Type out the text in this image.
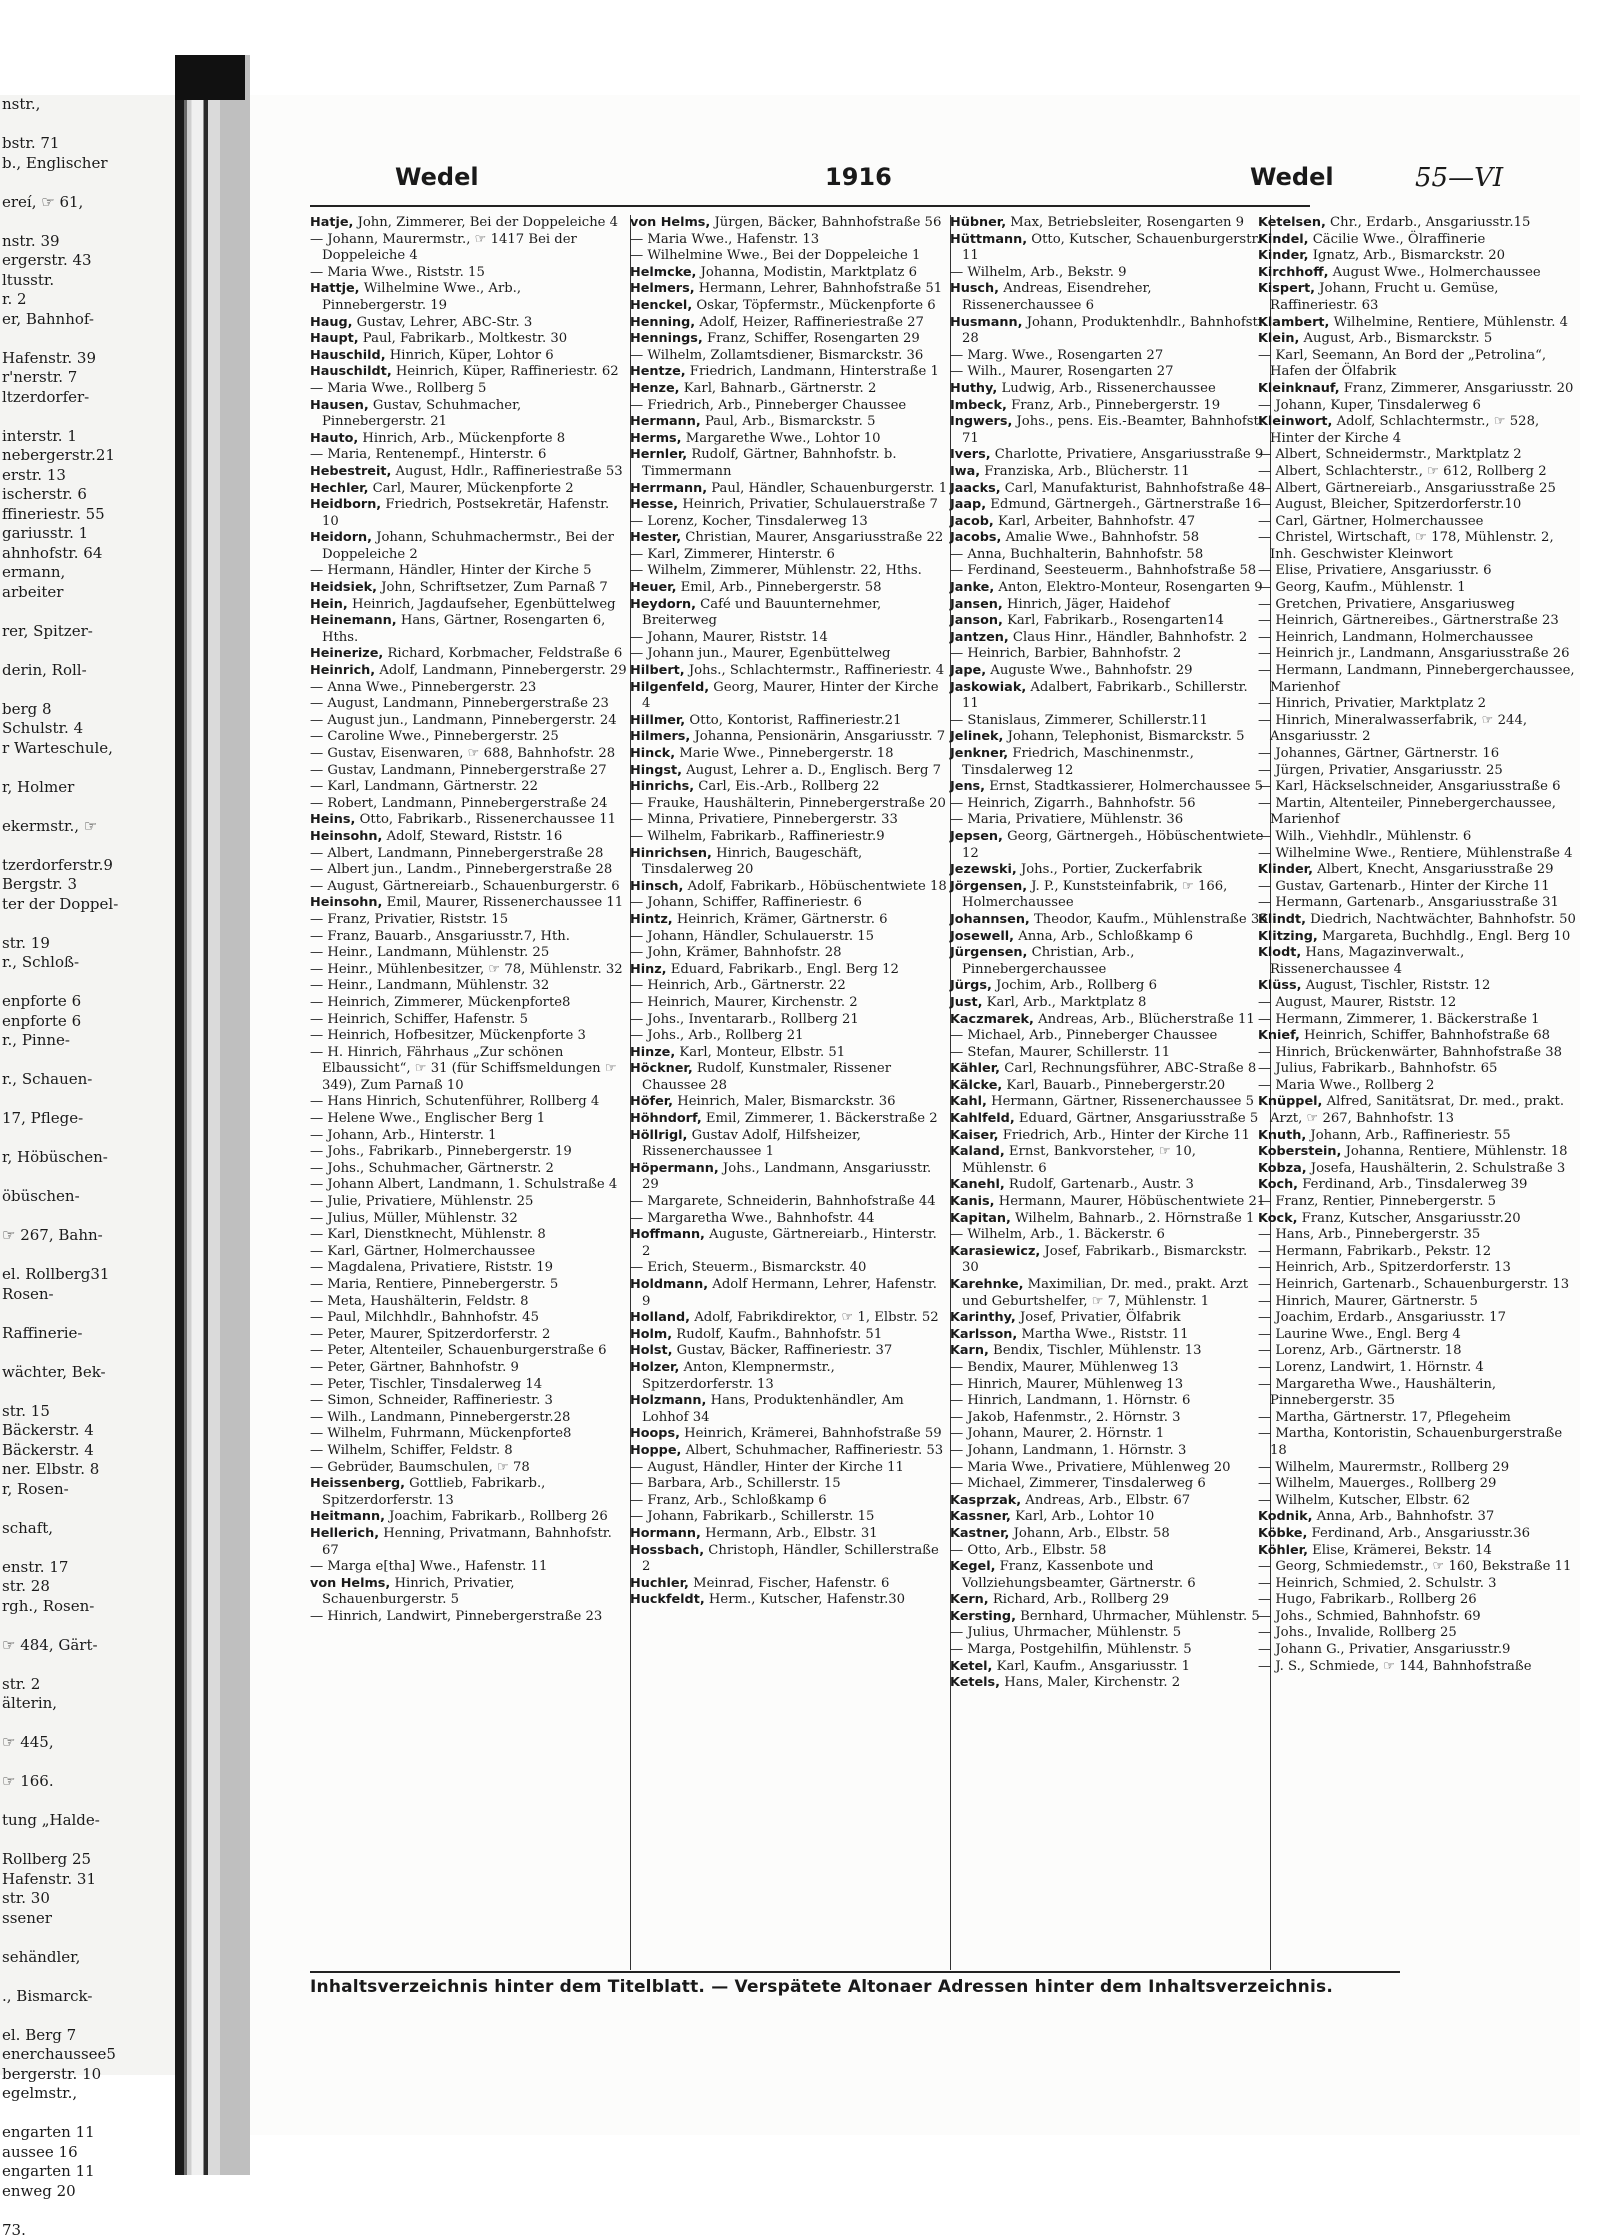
nstr.,

bstr. 71
b., Englischer

ereí, ☞ 61,

nstr. 39
ergerstr. 43
ltusstr.
r. 2
er, Bahnhof-

Hafenstr. 39
r'nerstr. 7
ltzerdorfer-

interstr. 1
nebergerstr.21
erstr. 13
ischerstr. 6
ffineriestr. 55
gariusstr. 1
ahnhofstr. 64
ermann,
arbeiter

rer, Spitzer-

derin, Roll-

berg 8
Schulstr. 4
r Warteschule,

r, Holmer

ekermstr., ☞

tzerdorferstr.9
Bergstr. 3
ter der Doppel-

str. 19
r., Schloß-

enpforte 6
enpforte 6
r., Pinne-

r., Schauen-

17, Pflege-

r, Höbüschen-

öbüschen-

☞ 267, Bahn-

el. Rollberg31
Rosen-

Raffinerie-

wächter, Bek-

str. 15
Bäckerstr. 4
Bäckerstr. 4
ner. Elbstr. 8
r, Rosen-

schaft,

enstr. 17
str. 28
rgh., Rosen-

☞ 484, Gärt-

str. 2
älterin,

☞ 445,

☞ 166.

tung „Halde-

Rollberg 25
Hafenstr. 31
str. 30
ssener

sehändler,

., Bismarck-

el. Berg 7
enerchaussee5
bergerstr. 10
egelmstr.,

engarten 11
aussee 16
engarten 11
enweg 20

73.
Wedel	1916	Wedel	55—VI
Hatje, John, Zimmerer, Bei der Doppeleiche 4
— Johann, Maurermstr., ☞ 1417 Bei der Doppeleiche 4
— Maria Wwe., Riststr. 15
Hattje, Wilhelmine Wwe., Arb., Pinnebergerstr. 19
Haug, Gustav, Lehrer, ABC-Str. 3
Haupt, Paul, Fabrikarb., Moltkestr. 30
Hauschild, Hinrich, Küper, Lohtor 6
Hauschildt, Heinrich, Küper, Raffineriestr. 62
— Maria Wwe., Rollberg 5
Hausen, Gustav, Schuhmacher, Pinnebergerstr. 21
Hauto, Hinrich, Arb., Mückenpforte 8
— Maria, Rentenempf., Hinterstr. 6
Hebestreit, August, Hdlr., Raffineriestraße 53
Hechler, Carl, Maurer, Mückenpforte 2
Heidborn, Friedrich, Postsekretär, Hafenstr. 10
Heidorn, Johann, Schuhmachermstr., Bei der Doppeleiche 2
— Hermann, Händler, Hinter der Kirche 5
Heidsiek, John, Schriftsetzer, Zum Parnaß 7
Hein, Heinrich, Jagdaufseher, Egenbüttelweg
Heinemann, Hans, Gärtner, Rosengarten 6, Hths.
Heinerize, Richard, Korbmacher, Feldstraße 6
Heinrich, Adolf, Landmann, Pinnebergerstr. 29
— Anna Wwe., Pinnebergerstr. 23
— August, Landmann, Pinnebergerstraße 23
— August jun., Landmann, Pinnebergerstr. 24
— Caroline Wwe., Pinnebergerstr. 25
— Gustav, Eisenwaren, ☞ 688, Bahnhofstr. 28
— Gustav, Landmann, Pinnebergerstraße 27
— Karl, Landmann, Gärtnerstr. 22
— Robert, Landmann, Pinnebergerstraße 24
Heins, Otto, Fabrikarb., Rissenerchaussee 11
Heinsohn, Adolf, Steward, Riststr. 16
— Albert, Landmann, Pinnebergerstraße 28
— Albert jun., Landm., Pinnebergerstraße 28
— August, Gärtnereiarb., Schauenburgerstr. 6
Heinsohn, Emil, Maurer, Rissenerchaussee 11
— Franz, Privatier, Riststr. 15
— Franz, Bauarb., Ansgariusstr.7, Hth.
— Heinr., Landmann, Mühlenstr. 25
— Heinr., Mühlenbesitzer, ☞ 78, Mühlenstr. 32
— Heinr., Landmann, Mühlenstr. 32
— Heinrich, Zimmerer, Mückenpforte8
— Heinrich, Schiffer, Hafenstr. 5
— Heinrich, Hofbesitzer, Mückenpforte 3
— H. Hinrich, Fährhaus „Zur schönen Elbaussicht“, ☞ 31 (für Schiffsmeldungen ☞ 349), Zum Parnaß 10
— Hans Hinrich, Schutenführer, Rollberg 4
— Helene Wwe., Englischer Berg 1
— Johann, Arb., Hinterstr. 1
— Johs., Fabrikarb., Pinnebergerstr. 19
— Johs., Schuhmacher, Gärtnerstr. 2
— Johann Albert, Landmann, 1. Schulstraße 4
— Julie, Privatiere, Mühlenstr. 25
— Julius, Müller, Mühlenstr. 32
— Karl, Dienstknecht, Mühlenstr. 8
— Karl, Gärtner, Holmerchaussee
— Magdalena, Privatiere, Riststr. 19
— Maria, Rentiere, Pinnebergerstr. 5
— Meta, Haushälterin, Feldstr. 8
— Paul, Milchhdlr., Bahnhofstr. 45
— Peter, Maurer, Spitzerdorferstr. 2
— Peter, Altenteiler, Schauenburgerstraße 6
— Peter, Gärtner, Bahnhofstr. 9
— Peter, Tischler, Tinsdalerweg 14
— Simon, Schneider, Raffineriestr. 3
— Wilh., Landmann, Pinnebergerstr.28
— Wilhelm, Fuhrmann, Mückenpforte8
— Wilhelm, Schiffer, Feldstr. 8
— Gebrüder, Baumschulen, ☞ 78
Heissenberg, Gottlieb, Fabrikarb., Spitzerdorferstr. 13
Heitmann, Joachim, Fabrikarb., Rollberg 26
Hellerich, Henning, Privatmann, Bahnhofstr. 67
— Marga e[tha] Wwe., Hafenstr. 11
von Helms, Hinrich, Privatier, Schauenburgerstr. 5
— Hinrich, Landwirt, Pinnebergerstraße 23
von Helms, Jürgen, Bäcker, Bahnhofstraße 56
— Maria Wwe., Hafenstr. 13
— Wilhelmine Wwe., Bei der Doppeleiche 1
Helmcke, Johanna, Modistin, Marktplatz 6
Helmers, Hermann, Lehrer, Bahnhofstraße 51
Henckel, Oskar, Töpfermstr., Mückenpforte 6
Henning, Adolf, Heizer, Raffineriestraße 27
Hennings, Franz, Schiffer, Rosengarten 29
— Wilhelm, Zollamtsdiener, Bismarckstr. 36
Hentze, Friedrich, Landmann, Hinterstraße 1
Henze, Karl, Bahnarb., Gärtnerstr. 2
— Friedrich, Arb., Pinneberger Chaussee
Hermann, Paul, Arb., Bismarckstr. 5
Herms, Margarethe Wwe., Lohtor 10
Hernler, Rudolf, Gärtner, Bahnhofstr. b. Timmermann
Herrmann, Paul, Händler, Schauenburgerstr. 1
Hesse, Heinrich, Privatier, Schulauerstraße 7
— Lorenz, Kocher, Tinsdalerweg 13
Hester, Christian, Maurer, Ansgariusstraße 22
— Karl, Zimmerer, Hinterstr. 6
— Wilhelm, Zimmerer, Mühlenstr. 22, Hths.
Heuer, Emil, Arb., Pinnebergerstr. 58
Heydorn, Café und Bauunternehmer, Breiterweg
— Johann, Maurer, Riststr. 14
— Johann jun., Maurer, Egenbüttelweg
Hilbert, Johs., Schlachtermstr., Raffineriestr. 4
Hilgenfeld, Georg, Maurer, Hinter der Kirche 4
Hillmer, Otto, Kontorist, Raffineriestr.21
Hilmers, Johanna, Pensionärin, Ansgariusstr. 7
Hinck, Marie Wwe., Pinnebergerstr. 18
Hingst, August, Lehrer a. D., Englisch. Berg 7
Hinrichs, Carl, Eis.-Arb., Rollberg 22
— Frauke, Haushälterin, Pinnebergerstraße 20
— Minna, Privatiere, Pinnebergerstr. 33
— Wilhelm, Fabrikarb., Raffineriestr.9
Hinrichsen, Hinrich, Baugeschäft, Tinsdalerweg 20
Hinsch, Adolf, Fabrikarb., Höbüschentwiete 18
— Johann, Schiffer, Raffineriestr. 6
Hintz, Heinrich, Krämer, Gärtnerstr. 6
— Johann, Händler, Schulauerstr. 15
— John, Krämer, Bahnhofstr. 28
Hinz, Eduard, Fabrikarb., Engl. Berg 12
— Heinrich, Arb., Gärtnerstr. 22
— Heinrich, Maurer, Kirchenstr. 2
— Johs., Inventararb., Rollberg 21
— Johs., Arb., Rollberg 21
Hinze, Karl, Monteur, Elbstr. 51
Höckner, Rudolf, Kunstmaler, Rissener Chaussee 28
Höfer, Heinrich, Maler, Bismarckstr. 36
Höhndorf, Emil, Zimmerer, 1. Bäckerstraße 2
Höllrigl, Gustav Adolf, Hilfsheizer, Rissenerchaussee 1
Höpermann, Johs., Landmann, Ansgariusstr. 29
— Margarete, Schneiderin, Bahnhofstraße 44
— Margaretha Wwe., Bahnhofstr. 44
Hoffmann, Auguste, Gärtnereiarb., Hinterstr. 2
— Erich, Steuerm., Bismarckstr. 40
Holdmann, Adolf Hermann, Lehrer, Hafenstr. 9
Holland, Adolf, Fabrikdirektor, ☞ 1, Elbstr. 52
Holm, Rudolf, Kaufm., Bahnhofstr. 51
Holst, Gustav, Bäcker, Raffineriestr. 37
Holzer, Anton, Klempnermstr., Spitzerdorferstr. 13
Holzmann, Hans, Produktenhändler, Am Lohhof 34
Hoops, Heinrich, Krämerei, Bahnhofstraße 59
Hoppe, Albert, Schuhmacher, Raffineriestr. 53
— August, Händler, Hinter der Kirche 11
— Barbara, Arb., Schillerstr. 15
— Franz, Arb., Schloßkamp 6
— Johann, Fabrikarb., Schillerstr. 15
Hormann, Hermann, Arb., Elbstr. 31
Hossbach, Christoph, Händler, Schillerstraße 2
Huchler, Meinrad, Fischer, Hafenstr. 6
Huckfeldt, Herm., Kutscher, Hafenstr.30
Hübner, Max, Betriebsleiter, Rosengarten 9
Hüttmann, Otto, Kutscher, Schauenburgerstr. 11
— Wilhelm, Arb., Bekstr. 9
Husch, Andreas, Eisendreher, Rissenerchaussee 6
Husmann, Johann, Produktenhdlr., Bahnhofstr. 28
— Marg. Wwe., Rosengarten 27
— Wilh., Maurer, Rosengarten 27
Huthy, Ludwig, Arb., Rissenerchaussee
Imbeck, Franz, Arb., Pinnebergerstr. 19
Ingwers, Johs., pens. Eis.-Beamter, Bahnhofstr. 71
Ivers, Charlotte, Privatiere, Ansgariusstraße 9
Iwa, Franziska, Arb., Blücherstr. 11
Jaacks, Carl, Manufakturist, Bahnhofstraße 48
Jaap, Edmund, Gärtnergeh., Gärtnerstraße 16
Jacob, Karl, Arbeiter, Bahnhofstr. 47
Jacobs, Amalie Wwe., Bahnhofstr. 58
— Anna, Buchhalterin, Bahnhofstr. 58
— Ferdinand, Seesteuerm., Bahnhofstraße 58
Janke, Anton, Elektro-Monteur, Rosengarten 9
Jansen, Hinrich, Jäger, Haidehof
Janson, Karl, Fabrikarb., Rosengarten14
Jantzen, Claus Hinr., Händler, Bahnhofstr. 2
— Heinrich, Barbier, Bahnhofstr. 2
Jape, Auguste Wwe., Bahnhofstr. 29
Jaskowiak, Adalbert, Fabrikarb., Schillerstr. 11
— Stanislaus, Zimmerer, Schillerstr.11
Jelinek, Johann, Telephonist, Bismarckstr. 5
Jenkner, Friedrich, Maschinenmstr., Tinsdalerweg 12
Jens, Ernst, Stadtkassierer, Holmerchaussee 5
— Heinrich, Zigarrh., Bahnhofstr. 56
— Maria, Privatiere, Mühlenstr. 36
Jepsen, Georg, Gärtnergeh., Höbüschentwiete 12
Jezewski, Johs., Portier, Zuckerfabrik
Jörgensen, J. P., Kunststeinfabrik, ☞ 166, Holmerchaussee
Johannsen, Theodor, Kaufm., Mühlenstraße 35
Josewell, Anna, Arb., Schloßkamp 6
Jürgensen, Christian, Arb., Pinnebergerchaussee
Jürgs, Jochim, Arb., Rollberg 6
Just, Karl, Arb., Marktplatz 8
Kaczmarek, Andreas, Arb., Blücherstraße 11
— Michael, Arb., Pinneberger Chaussee
— Stefan, Maurer, Schillerstr. 11
Kähler, Carl, Rechnungsführer, ABC-Straße 8
Kälcke, Karl, Bauarb., Pinnebergerstr.20
Kahl, Hermann, Gärtner, Rissenerchaussee 5
Kahlfeld, Eduard, Gärtner, Ansgariusstraße 5
Kaiser, Friedrich, Arb., Hinter der Kirche 11
Kaland, Ernst, Bankvorsteher, ☞ 10, Mühlenstr. 6
Kanehl, Rudolf, Gartenarb., Austr. 3
Kanis, Hermann, Maurer, Höbüschentwiete 21
Kapitan, Wilhelm, Bahnarb., 2. Hörnstraße 1
— Wilhelm, Arb., 1. Bäckerstr. 6
Karasiewicz, Josef, Fabrikarb., Bismarckstr. 30
Karehnke, Maximilian, Dr. med., prakt. Arzt und Geburtshelfer, ☞ 7, Mühlenstr. 1
Karinthy, Josef, Privatier, Ölfabrik
Karlsson, Martha Wwe., Riststr. 11
Karn, Bendix, Tischler, Mühlenstr. 13
— Bendix, Maurer, Mühlenweg 13
— Hinrich, Maurer, Mühlenweg 13
— Hinrich, Landmann, 1. Hörnstr. 6
— Jakob, Hafenmstr., 2. Hörnstr. 3
— Johann, Maurer, 2. Hörnstr. 1
— Johann, Landmann, 1. Hörnstr. 3
— Maria Wwe., Privatiere, Mühlenweg 20
— Michael, Zimmerer, Tinsdalerweg 6
Kasprzak, Andreas, Arb., Elbstr. 67
Kassner, Karl, Arb., Lohtor 10
Kastner, Johann, Arb., Elbstr. 58
— Otto, Arb., Elbstr. 58
Kegel, Franz, Kassenbote und Vollziehungsbeamter, Gärtnerstr. 6
Kern, Richard, Arb., Rollberg 29
Kersting, Bernhard, Uhrmacher, Mühlenstr. 5
— Julius, Uhrmacher, Mühlenstr. 5
— Marga, Postgehilfin, Mühlenstr. 5
Ketel, Karl, Kaufm., Ansgariusstr. 1
Ketels, Hans, Maler, Kirchenstr. 2
Ketelsen, Chr., Erdarb., Ansgariusstr.15
Kindel, Cäcilie Wwe., Ölraffinerie
Kinder, Ignatz, Arb., Bismarckstr. 20
Kirchhoff, August Wwe., Holmerchaussee
Kispert, Johann, Frucht u. Gemüse, Raffineriestr. 63
Klambert, Wilhelmine, Rentiere, Mühlenstr. 4
Klein, August, Arb., Bismarckstr. 5
— Karl, Seemann, An Bord der „Petrolina“, Hafen der Ölfabrik
Kleinknauf, Franz, Zimmerer, Ansgariusstr. 20
— Johann, Kuper, Tinsdalerweg 6
Kleinwort, Adolf, Schlachtermstr., ☞ 528, Hinter der Kirche 4
— Albert, Schneidermstr., Marktplatz 2
— Albert, Schlachterstr., ☞ 612, Rollberg 2
— Albert, Gärtnereiarb., Ansgariusstraße 25
— August, Bleicher, Spitzerdorferstr.10
— Carl, Gärtner, Holmerchaussee
— Christel, Wirtschaft, ☞ 178, Mühlenstr. 2, Inh. Geschwister Kleinwort
— Elise, Privatiere, Ansgariusstr. 6
— Georg, Kaufm., Mühlenstr. 1
— Gretchen, Privatiere, Ansgariusweg
— Heinrich, Gärtnereibes., Gärtnerstraße 23
— Heinrich, Landmann, Holmerchaussee
— Heinrich jr., Landmann, Ansgariusstraße 26
— Hermann, Landmann, Pinnebergerchaussee, Marienhof
— Hinrich, Privatier, Marktplatz 2
— Hinrich, Mineralwasserfabrik, ☞ 244, Ansgariusstr. 2
— Johannes, Gärtner, Gärtnerstr. 16
— Jürgen, Privatier, Ansgariusstr. 25
— Karl, Häckselschneider, Ansgariusstraße 6
— Martin, Altenteiler, Pinnebergerchaussee, Marienhof
— Wilh., Viehhdlr., Mühlenstr. 6
— Wilhelmine Wwe., Rentiere, Mühlenstraße 4
Klinder, Albert, Knecht, Ansgariusstraße 29
— Gustav, Gartenarb., Hinter der Kirche 11
— Hermann, Gartenarb., Ansgariusstraße 31
Klindt, Diedrich, Nachtwächter, Bahnhofstr. 50
Klitzing, Margareta, Buchhdlg., Engl. Berg 10
Klodt, Hans, Magazinverwalt., Rissenerchaussee 4
Klüss, August, Tischler, Riststr. 12
— August, Maurer, Riststr. 12
— Hermann, Zimmerer, 1. Bäckerstraße 1
Knief, Heinrich, Schiffer, Bahnhofstraße 68
— Hinrich, Brückenwärter, Bahnhofstraße 38
— Julius, Fabrikarb., Bahnhofstr. 65
— Maria Wwe., Rollberg 2
Knüppel, Alfred, Sanitätsrat, Dr. med., prakt. Arzt, ☞ 267, Bahnhofstr. 13
Knuth, Johann, Arb., Raffineriestr. 55
Koberstein, Johanna, Rentiere, Mühlenstr. 18
Kobza, Josefa, Haushälterin, 2. Schulstraße 3
Koch, Ferdinand, Arb., Tinsdalerweg 39
— Franz, Rentier, Pinnebergerstr. 5
Kock, Franz, Kutscher, Ansgariusstr.20
— Hans, Arb., Pinnebergerstr. 35
— Hermann, Fabrikarb., Pekstr. 12
— Heinrich, Arb., Spitzerdorferstr. 13
— Heinrich, Gartenarb., Schauenburgerstr. 13
— Hinrich, Maurer, Gärtnerstr. 5
— Joachim, Erdarb., Ansgariusstr. 17
— Laurine Wwe., Engl. Berg 4
— Lorenz, Arb., Gärtnerstr. 18
— Lorenz, Landwirt, 1. Hörnstr. 4
— Margaretha Wwe., Haushälterin, Pinnebergerstr. 35
— Martha, Gärtnerstr. 17, Pflegeheim
— Martha, Kontoristin, Schauenburgerstraße 18
— Wilhelm, Maurermstr., Rollberg 29
— Wilhelm, Mauerges., Rollberg 29
— Wilhelm, Kutscher, Elbstr. 62
Kodnik, Anna, Arb., Bahnhofstr. 37
Köbke, Ferdinand, Arb., Ansgariusstr.36
Köhler, Elise, Krämerei, Bekstr. 14
— Georg, Schmiedemstr., ☞ 160, Bekstraße 11
— Heinrich, Schmied, 2. Schulstr. 3
— Hugo, Fabrikarb., Rollberg 26
— Johs., Schmied, Bahnhofstr. 69
— Johs., Invalide, Rollberg 25
— Johann G., Privatier, Ansgariusstr.9
— J. S., Schmiede, ☞ 144, Bahnhofstraße
Inhaltsverzeichnis hinter dem Titelblatt. — Verspätete Altonaer Adressen hinter dem Inhaltsverzeichnis.
